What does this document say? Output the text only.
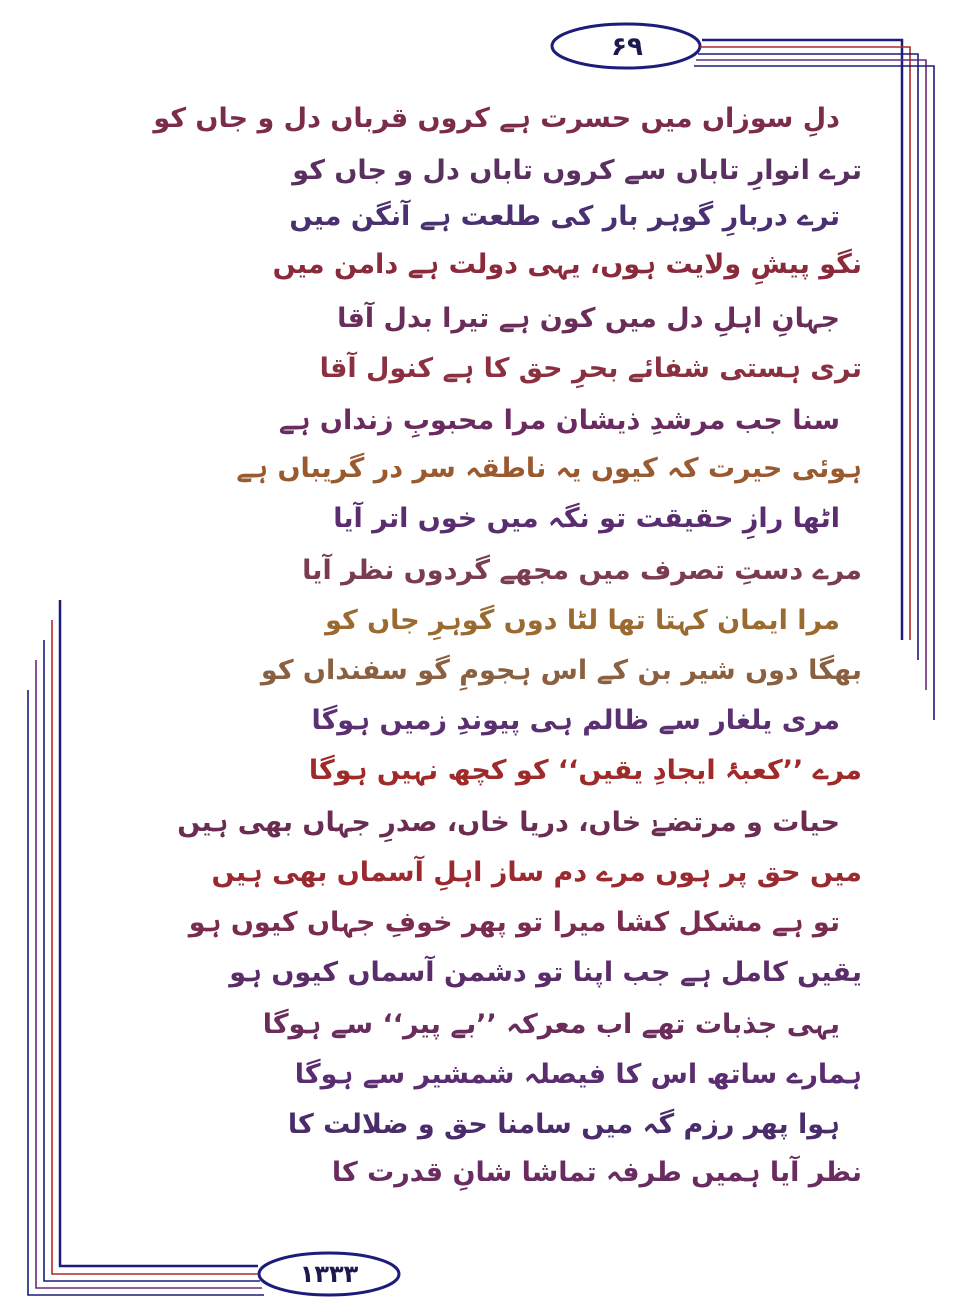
۶۹
۱۳۳۳
دلِ سوزاں میں حسرت ہے کروں قرباں دل و جاں کو
ترے انوارِ تاباں سے کروں تاباں دل و جاں کو
ترے دربارِ گوہر بار کی طلعت ہے آنگن میں
نگو پیشِ ولایت ہوں، یہی دولت ہے دامن میں
جہانِ اہلِ دل میں کون ہے تیرا بدل آقا
تری ہستی شفائے بحرِ حق کا ہے کنول آقا
سنا جب مرشدِ ذیشان مرا محبوبِ زنداں ہے
ہوئی حیرت کہ کیوں یہ ناطقہ سر در گریباں ہے
اٹھا رازِ حقیقت تو نگہ میں خوں اتر آیا
مرے دستِ تصرف میں مجھے گردوں نظر آیا
مرا ایمان کہتا تھا لٹا دوں گوہرِ جاں کو
بھگا دوں شیر بن کے اس ہجومِ گو سفنداں کو
مری یلغار سے ظالم ہی پیوندِ زمیں ہوگا
مرے ’’کعبۂ ایجادِ یقیں‘‘ کو کچھ نہیں ہوگا
حیات و مرتضےٰ خاں، دریا خاں، صدرِ جہاں بھی ہیں
میں حق پر ہوں مرے دم ساز اہلِ آسماں بھی ہیں
تو ہے مشکل کشا میرا تو پھر خوفِ جہاں کیوں ہو
یقیں کامل ہے جب اپنا تو دشمن آسماں کیوں ہو
یہی جذبات تھے اب معرکہ ’’بے پیر‘‘ سے ہوگا
ہمارے ساتھ اس کا فیصلہ شمشیر سے ہوگا
ہوا پھر رزم گہ میں سامنا حق و ضلالت کا
نظر آیا ہمیں طرفہ تماشا شانِ قدرت کا
